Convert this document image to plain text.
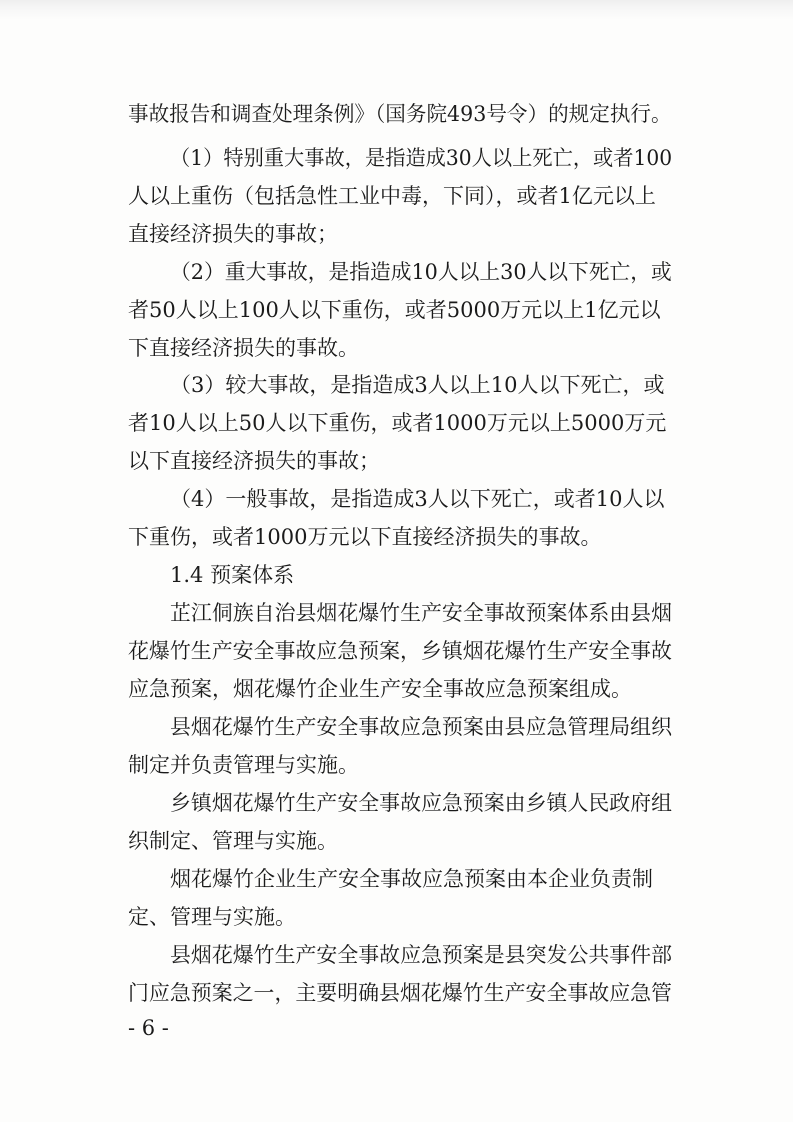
事故报告和调查处理条例》（国务院493号令）的规定执行。
（1）特别重大事故，是指造成30人以上死亡，或者100
人以上重伤（包括急性工业中毒，下同），或者1亿元以上
直接经济损失的事故；
（2）重大事故，是指造成10人以上30人以下死亡，或
者50人以上100人以下重伤，或者5000万元以上1亿元以
下直接经济损失的事故。
（3）较大事故，是指造成3人以上10人以下死亡，或
者10人以上50人以下重伤，或者1000万元以上5000万元
以下直接经济损失的事故；
（4）一般事故，是指造成3人以下死亡，或者10人以
下重伤，或者1000万元以下直接经济损失的事故。
1.4 预案体系
芷江侗族自治县烟花爆竹生产安全事故预案体系由县烟
花爆竹生产安全事故应急预案，乡镇烟花爆竹生产安全事故
应急预案，烟花爆竹企业生产安全事故应急预案组成。
县烟花爆竹生产安全事故应急预案由县应急管理局组织
制定并负责管理与实施。
乡镇烟花爆竹生产安全事故应急预案由乡镇人民政府组
织制定、管理与实施。
烟花爆竹企业生产安全事故应急预案由本企业负责制
定、管理与实施。
县烟花爆竹生产安全事故应急预案是县突发公共事件部
门应急预案之一，主要明确县烟花爆竹生产安全事故应急管
- 6 -
